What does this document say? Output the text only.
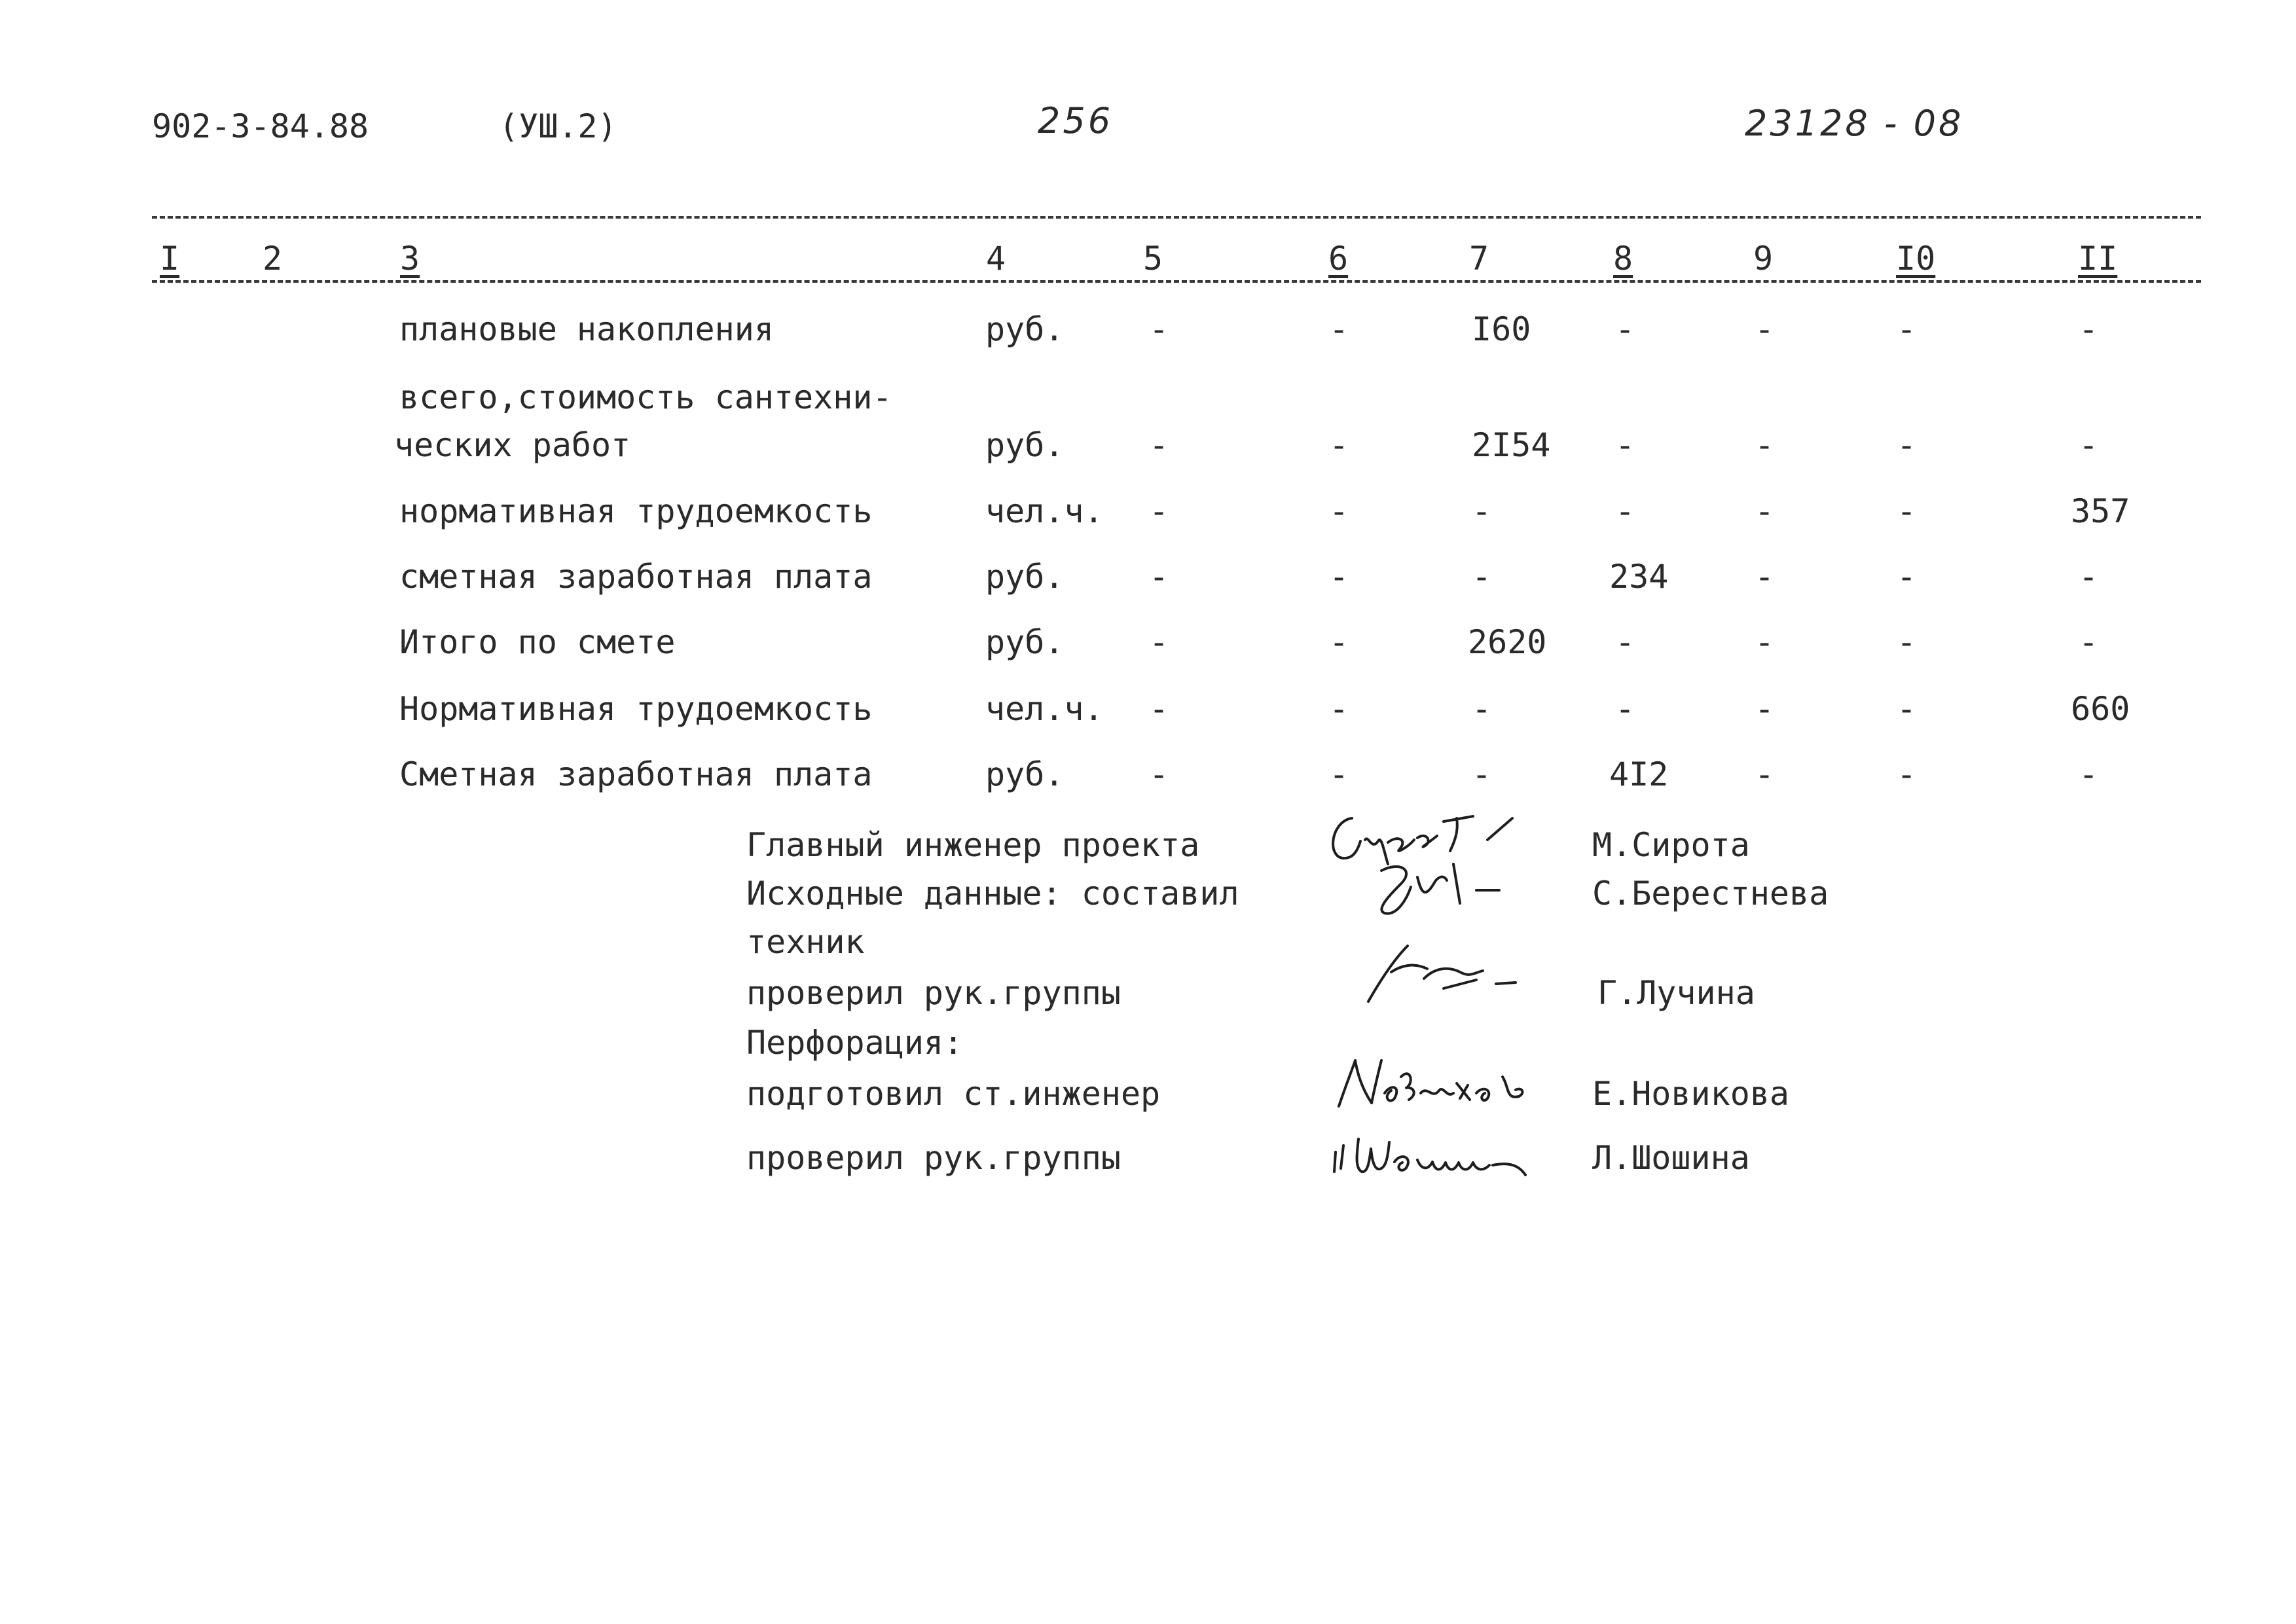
902-3-84.88	(УШ.2)	256	23128 - 08
I	2	3	4	5	6	7	8	9	I0	II
плановые накопления	руб.	-	-	I60	-	-	-	-
всего,стоимость сантехни-
ческих работ	руб.	-	-	2I54 -	-	-	-
нормативная трудоемкость	чел.ч. -	-	-	-	-	-	357
сметная заработная плата	руб.	-	-	-	234	-	-	-
Итого по смете	руб.	-	-	2620 -	-	-	-
Нормативная трудоемкость	чел.ч. -	-	-	-	-	-	660
Сметная заработная плата	руб.	-	-	-	4I2	-	-	-
Главный инженер проекта	М.Сирота
Исходные данные: составил	С.Берестнева
техник
проверил рук.группы	Г.Лучина
Перфорация:
подготовил ст.инженер	Е.Новикова
проверил рук.группы	Л.Шошина
